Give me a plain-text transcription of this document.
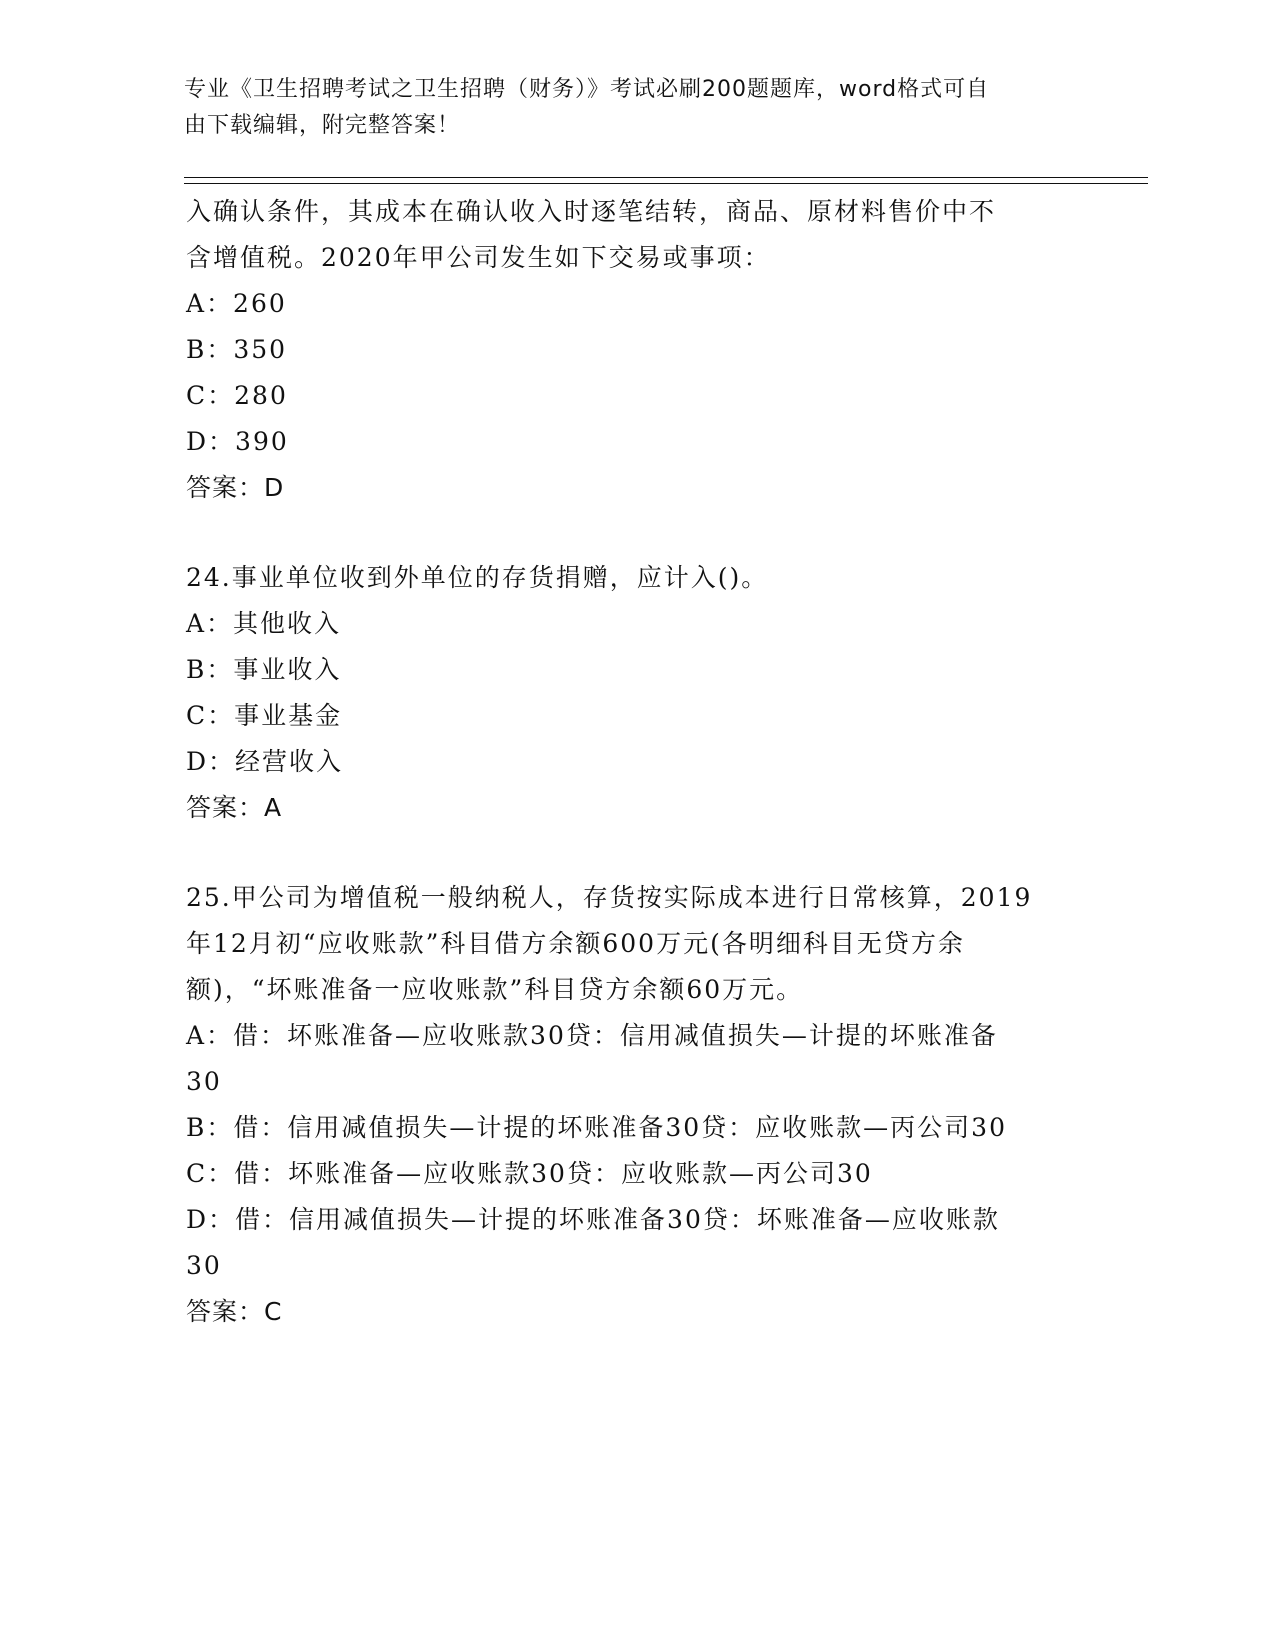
专业《卫生招聘考试之卫生招聘（财务）》考试必刷200题题库，word格式可自
由下载编辑，附完整答案！
入确认条件，其成本在确认收入时逐笔结转，商品、原材料售价中不
含增值税。2020年甲公司发生如下交易或事项：
A：260
B：350
C：280
D：390
答案：D
24.事业单位收到外单位的存货捐赠，应计入()。
A：其他收入
B：事业收入
C：事业基金
D：经营收入
答案：A
25.甲公司为增值税一般纳税人，存货按实际成本进行日常核算，2019
年12月初“应收账款”科目借方余额600万元(各明细科目无贷方余
额)，“坏账准备一应收账款”科目贷方余额60万元。
A：借：坏账准备—应收账款30贷：信用减值损失—计提的坏账准备
30
B：借：信用减值损失—计提的坏账准备30贷：应收账款—丙公司30
C：借：坏账准备—应收账款30贷：应收账款—丙公司30
D：借：信用减值损失—计提的坏账准备30贷：坏账准备—应收账款
30
答案：C
